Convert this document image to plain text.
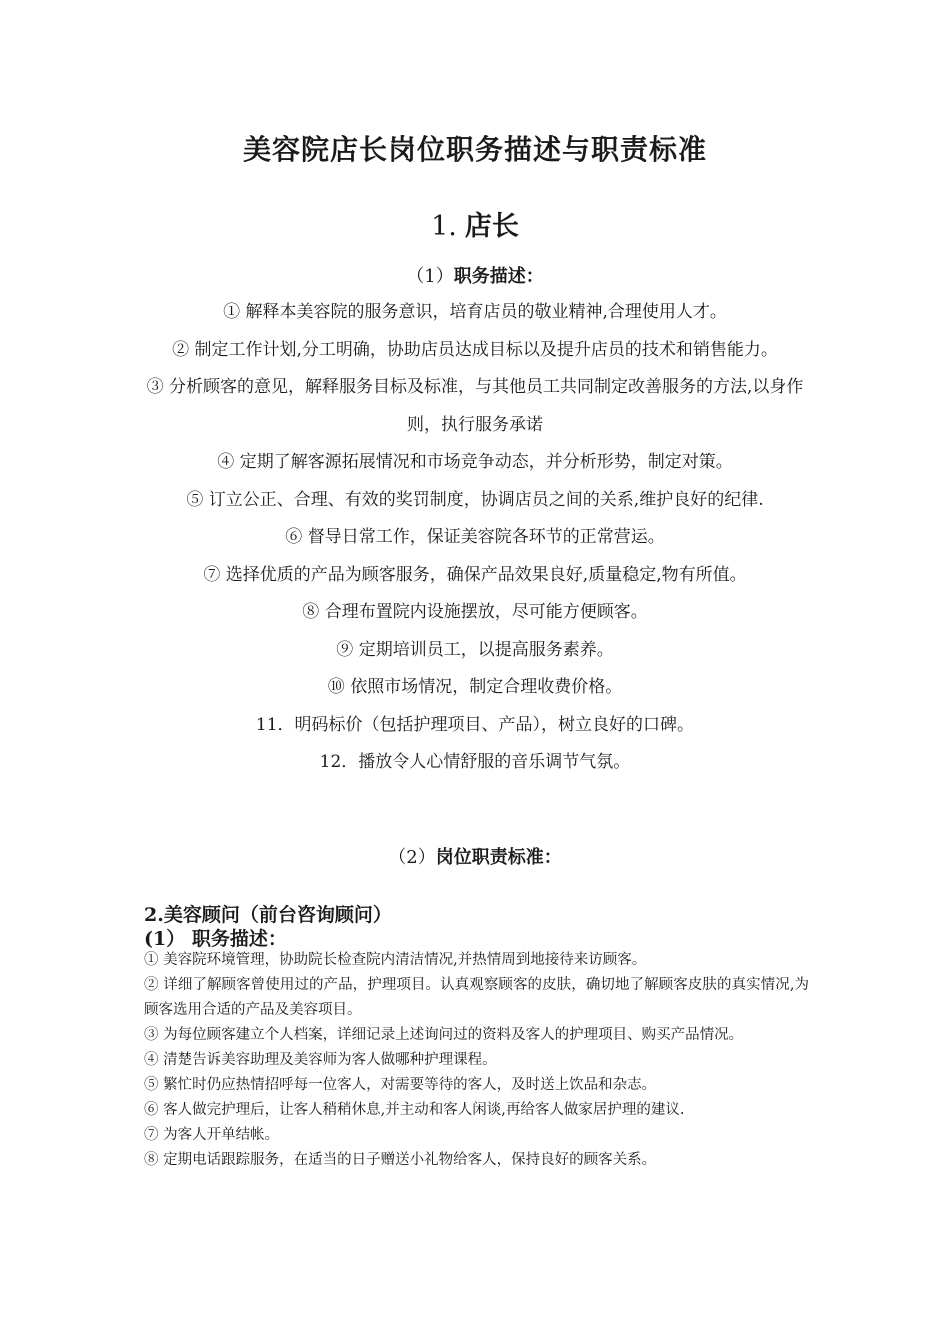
美容院店长岗位职务描述与职责标准
1. 店长
（1）职务描述：
① 解释本美容院的服务意识，培育店员的敬业精神,合理使用人才。
② 制定工作计划,分工明确，协助店员达成目标以及提升店员的技术和销售能力。
③ 分析顾客的意见，解释服务目标及标准，与其他员工共同制定改善服务的方法,以身作则，执行服务承诺
④ 定期了解客源拓展情况和市场竞争动态，并分析形势，制定对策。
⑤ 订立公正、合理、有效的奖罚制度，协调店员之间的关系,维护良好的纪律.
⑥ 督导日常工作，保证美容院各环节的正常营运。
⑦ 选择优质的产品为顾客服务，确保产品效果良好,质量稳定,物有所值。
⑧ 合理布置院内设施摆放，尽可能方便顾客。
⑨ 定期培训员工，以提高服务素养。
⑩ 依照市场情况，制定合理收费价格。
11．明码标价（包括护理项目、产品），树立良好的口碑。
12．播放令人心情舒服的音乐调节气氛。
（2）岗位职责标准：
2.美容顾问（前台咨询顾问）
(1） 职务描述：
① 美容院环境管理，协助院长检查院内清洁情况,并热情周到地接待来访顾客。
② 详细了解顾客曾使用过的产品，护理项目。认真观察顾客的皮肤，确切地了解顾客皮肤的真实情况,为顾客选用合适的产品及美容项目。
③ 为每位顾客建立个人档案，详细记录上述询问过的资料及客人的护理项目、购买产品情况。
④ 清楚告诉美容助理及美容师为客人做哪种护理课程。
⑤ 繁忙时仍应热情招呼每一位客人，对需要等待的客人，及时送上饮品和杂志。
⑥ 客人做完护理后，让客人稍稍休息,并主动和客人闲谈,再给客人做家居护理的建议.
⑦ 为客人开单结帐。
⑧ 定期电话跟踪服务，在适当的日子赠送小礼物给客人，保持良好的顾客关系。
